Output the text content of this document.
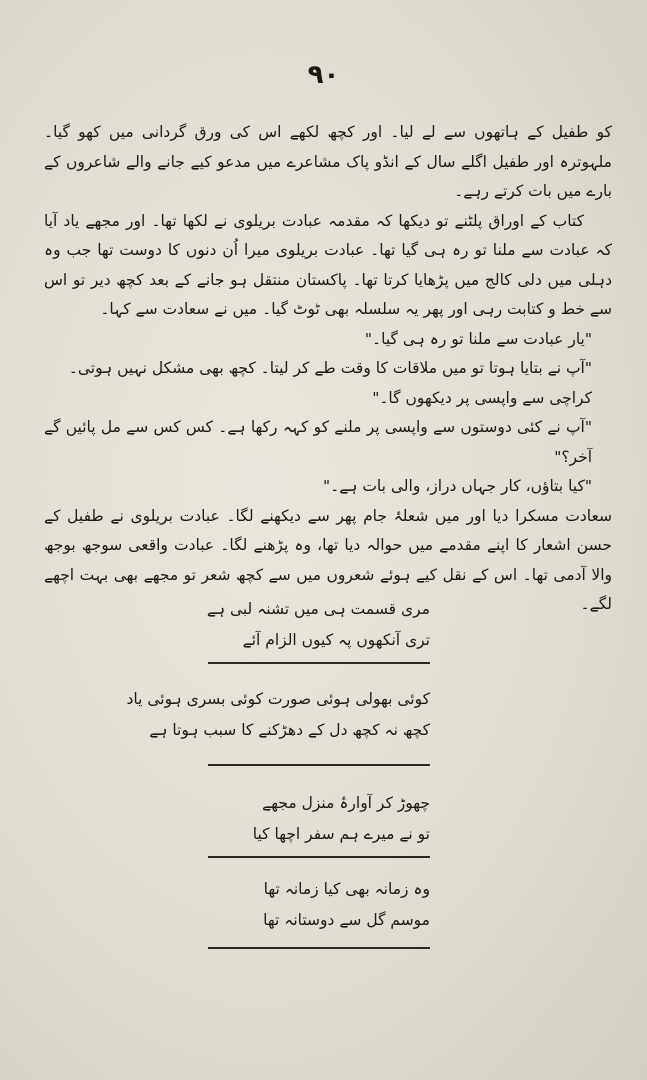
۹۰

کو طفیل کے ہاتھوں سے لے لیا۔ اور کچھ لکھے اس کی ورق گردانی میں کھو گیا۔ ملہوترہ اور طفیل اگلے سال کے انڈو پاک مشاعرے میں مدعو کیے جانے والے شاعروں کے بارے میں بات کرتے رہے۔

کتاب کے اوراق پلٹنے تو دیکھا کہ مقدمہ عبادت بریلوی نے لکھا تھا۔ اور مجھے یاد آیا کہ عبادت سے ملنا تو رہ ہی گیا تھا۔ عبادت بریلوی میرا اُن دنوں کا دوست تھا جب وہ دہلی میں دلی کالج میں پڑھایا کرتا تھا۔ پاکستان منتقل ہو جانے کے بعد کچھ دیر تو اس سے خط و کتابت رہی اور پھر یہ سلسلہ بھی ٹوٹ گیا۔ میں نے سعادت سے کہا۔

"یار عبادت سے ملنا تو رہ ہی گیا۔"

"آپ نے بتایا ہوتا تو میں ملاقات کا وقت طے کر لیتا۔ کچھ بھی مشکل نہیں ہوتی۔

کراچی سے واپسی پر دیکھوں گا۔"

"آپ نے کئی دوستوں سے واپسی پر ملنے کو کہہ رکھا ہے۔ کس کس سے مل پائیں گے آخر؟"

"کیا بتاؤں، کار جہاں دراز، والی بات ہے۔"

سعادت مسکرا دیا اور میں شعلۂ جام پھر سے دیکھنے لگا۔ عبادت بریلوی نے طفیل کے حسن اشعار کا اپنے مقدمے میں حوالہ دیا تھا، وہ پڑھنے لگا۔ عبادت واقعی سوجھ بوجھ والا آدمی تھا۔ اس کے نقل کیے ہوئے شعروں میں سے کچھ شعر تو مجھے بھی بہت اچھے لگے۔

مری قسمت ہی میں تشنہ لبی ہے

تری آنکھوں پہ کیوں الزام آئے

کوئی بھولی ہوئی صورت کوئی بسری ہوئی یاد

کچھ نہ کچھ دل کے دھڑکنے کا سبب ہوتا ہے

چھوڑ کر آوارۂ منزل مجھے

تو نے میرے ہم سفر اچھا کیا

وہ زمانہ بھی کیا زمانہ تھا

موسم گل سے دوستانہ تھا
